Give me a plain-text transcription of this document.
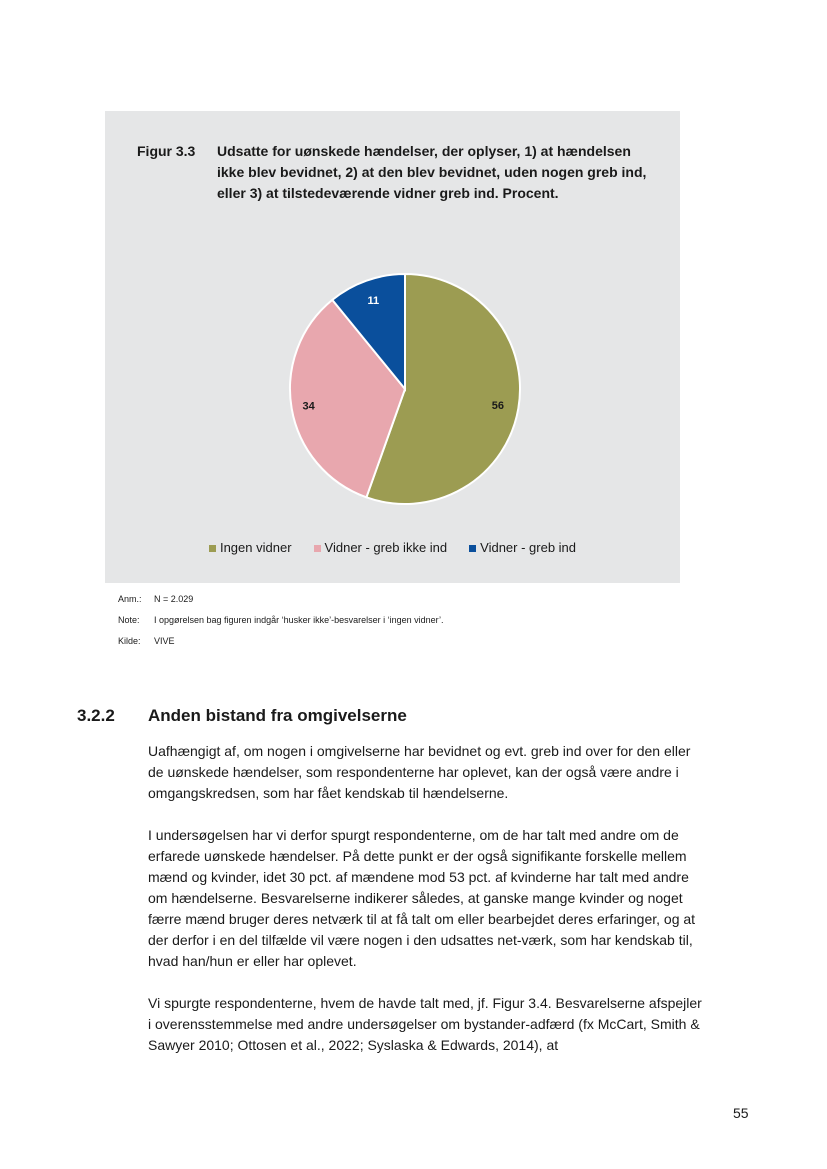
Figur 3.3 Udsatte for uønskede hændelser, der oplyser, 1) at hændelsen ikke blev bevidnet, 2) at den blev bevidnet, uden nogen greb ind, eller 3) at tilstedeværende vidner greb ind. Procent.
56
34
11
Ingen vidner	Vidner - greb ikke ind	Vidner - greb ind
Anm.:	N = 2.029
Note:	I opgørelsen bag figuren indgår ‘husker ikke’-besvarelser i ‘ingen vidner’.
Kilde:	VIVE
3.2.2 Anden bistand fra omgivelserne

Uafhængigt af, om nogen i omgivelserne har bevidnet og evt. greb ind over for den eller de uønskede hændelser, som respondenterne har oplevet, kan der også være andre i omgangskredsen, som har fået kendskab til hændelserne.

I undersøgelsen har vi derfor spurgt respondenterne, om de har talt med andre om de erfarede uønskede hændelser. På dette punkt er der også signifikante forskelle mellem mænd og kvinder, idet 30 pct. af mændene mod 53 pct. af kvinderne har talt med andre om hændelserne. Besvarelserne indikerer således, at ganske mange kvinder og noget færre mænd bruger deres netværk til at få talt om eller bearbejdet deres erfaringer, og at der derfor i en del tilfælde vil være nogen i den udsattes net-værk, som har kendskab til, hvad han/hun er eller har oplevet.

Vi spurgte respondenterne, hvem de havde talt med, jf. Figur 3.4. Besvarelserne afspejler i overensstemmelse med andre undersøgelser om bystander-adfærd (fx McCart, Smith & Sawyer 2010; Ottosen et al., 2022; Syslaska & Edwards, 2014), at

55
